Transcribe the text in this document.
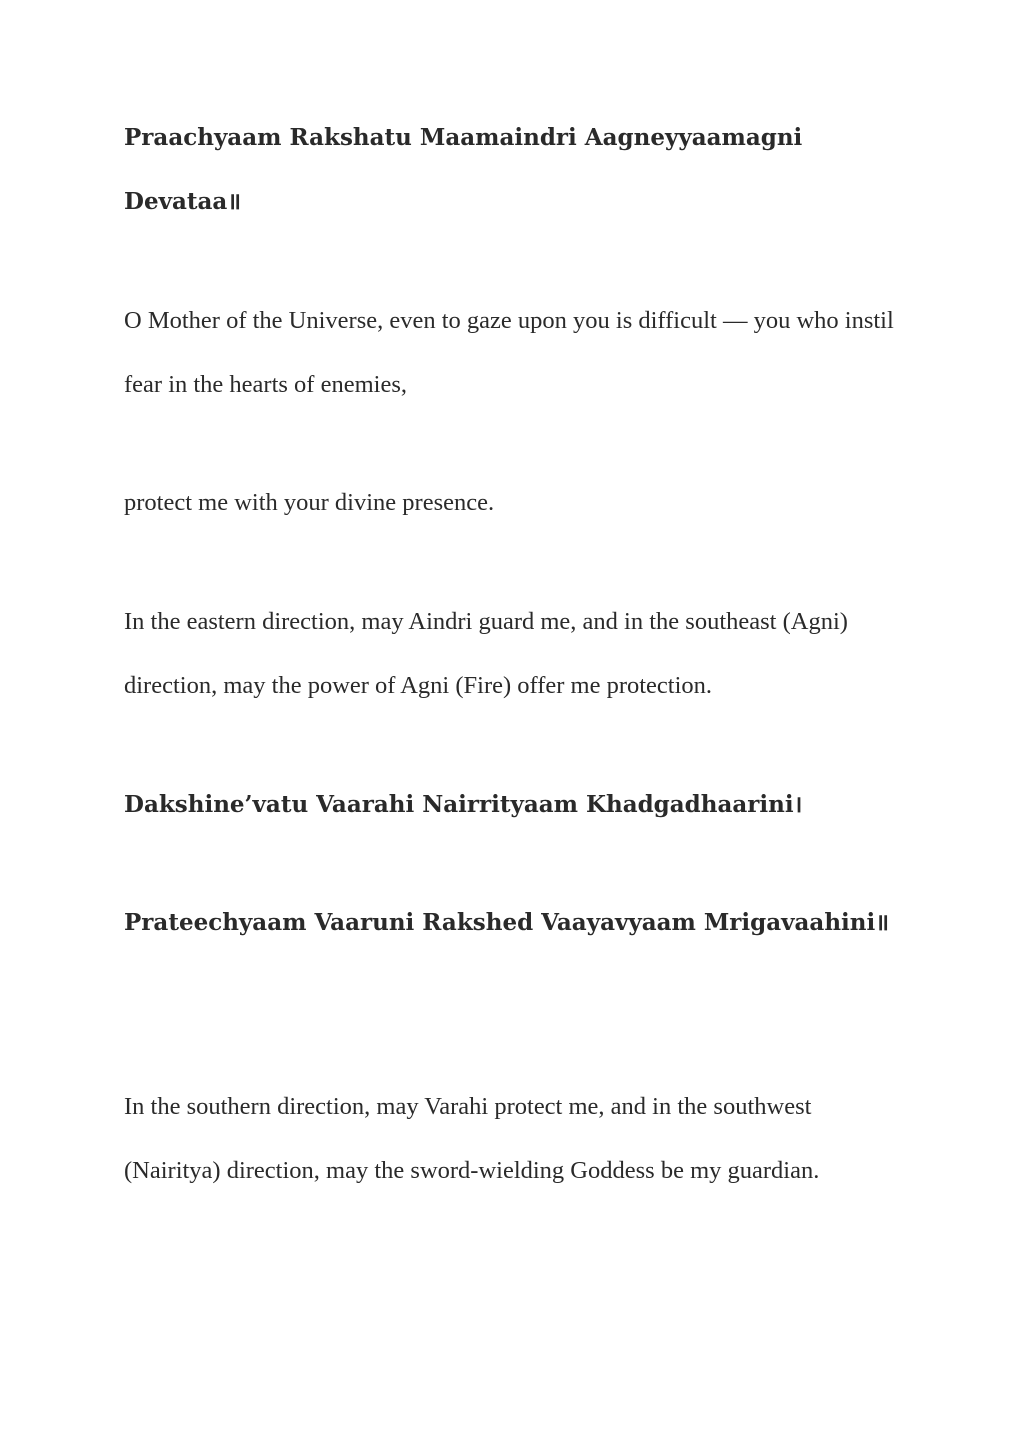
Praachyaam Rakshatu Maamaindri Aagneyyaamagni Devataa॥

O Mother of the Universe, even to gaze upon you is difficult — you who instil fear in the hearts of enemies,

protect me with your divine presence.

In the eastern direction, may Aindri guard me, and in the southeast (Agni) direction, may the power of Agni (Fire) offer me protection.

Dakshine’vatu Vaarahi Nairrityaam Khadgadhaarini।

Prateechyaam Vaaruni Rakshed Vaayavyaam Mrigavaahini॥

In the southern direction, may Varahi protect me, and in the southwest (Nairitya) direction, may the sword-wielding Goddess be my guardian.
